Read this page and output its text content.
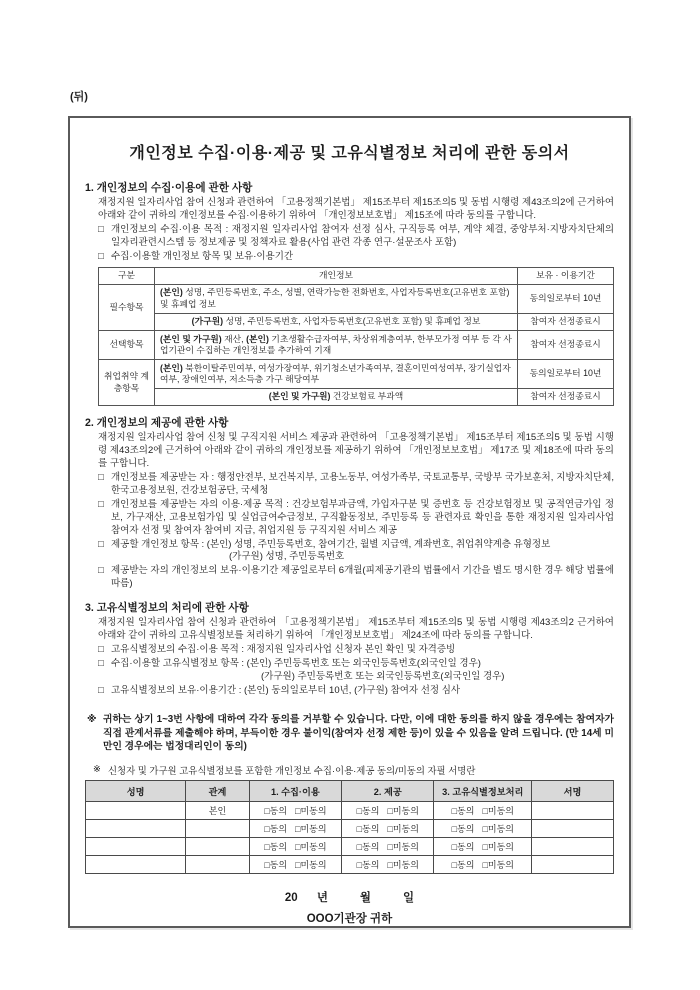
(뒤)
개인정보 수집·이용·제공 및 고유식별정보 처리에 관한 동의서
1. 개인정보의 수집·이용에 관한 사항
재정지원 일자리사업 참여 신청과 관련하여 「고용정책기본법」 제15조부터 제15조의5 및 동법 시행령 제43조의2에 근거하여 아래와 같이 귀하의 개인정보를 수집·이용하기 위하여 「개인정보보호법」 제15조에 따라 동의를 구합니다.
□ 개인정보의 수집·이용 목적 : 재정지원 일자리사업 참여자 선정 심사, 구직등록 여부, 계약 체결, 중앙부처·지방자치단체의 일자리관련시스템 등 정보제공 및 정책자료 활용(사업 관련 각종 연구·설문조사 포함)
□ 수집·이용할 개인정보 항목 및 보유·이용기간
구분	개인정보	보유 · 이용기간
필수항목	(본인) 성명, 주민등록번호, 주소, 성별, 연락가능한 전화번호, 사업자등록번호(고유번호 포함) 및 휴폐업 정보	동의일로부터 10년
	(가구원) 성명, 주민등록번호, 사업자등록번호(고유번호 포함) 및 휴폐업 정보	참여자 선정종료시
선택항목	(본인 및 가구원) 재산, (본인) 기초생활수급자여부, 차상위계층여부, 한부모가정 여부 등 각 사업기관이 수집하는 개인정보를 추가하여 기재	참여자 선정종료시
취업취약 계층항목	(본인) 북한이탈주민여부, 여성가장여부, 위기청소년가족여부, 결혼이민여성여부, 장기실업자여부, 장애인여부, 저소득층 가구 해당여부	동의일로부터 10년
	(본인 및 가구원) 건강보험료 부과액	참여자 선정종료시
2. 개인정보의 제공에 관한 사항
재정지원 일자리사업 참여 신청 및 구직지원 서비스 제공과 관련하여 「고용정책기본법」 제15조부터 제15조의5 및 동법 시행령 제43조의2에 근거하여 아래와 같이 귀하의 개인정보를 제공하기 위하여 「개인정보보호법」 제17조 및 제18조에 따라 동의를 구합니다.
□ 개인정보를 제공받는 자 : 행정안전부, 보건복지부, 고용노동부, 여성가족부, 국토교통부, 국방부 국가보훈처, 지방자치단체, 한국고용정보원, 건강보험공단, 국세청
□ 개인정보를 제공받는 자의 이용·제공 목적 : 건강보험부과금액, 가입자구분 및 증번호 등 건강보험정보 및 공적연금가입 정보, 가구재산, 고용보험가입 및 실업급여수급정보, 구직활동정보, 주민등록 등 관련자료 확인을 통한 재정지원 일자리사업 참여자 선정 및 참여자 참여비 지급, 취업지원 등 구직지원 서비스 제공
□ 제공할 개인정보 항목 : (본인) 성명, 주민등록번호, 참여기간, 월별 지급액, 계좌번호, 취업취약계층 유형정보
(가구원) 성명, 주민등록번호
□ 제공받는 자의 개인정보의 보유·이용기간 제공일로부터 6개월(피제공기관의 법률에서 기간을 별도 명시한 경우 해당 법률에 따름)
3. 고유식별정보의 처리에 관한 사항
재정지원 일자리사업 참여 신청과 관련하여 「고용정책기본법」 제15조부터 제15조의5 및 동법 시행령 제43조의2 근거하여 아래와 같이 귀하의 고유식별정보를 처리하기 위하여 「개인정보보호법」 제24조에 따라 동의를 구합니다.
□ 고유식별정보의 수집·이용 목적 : 재정지원 일자리사업 신청자 본인 확인 및 자격증빙
□ 수집·이용할 고유식별정보 항목 : (본인) 주민등록번호 또는 외국인등록번호(외국인일 경우)
(가구원) 주민등록번호 또는 외국인등록번호(외국인일 경우)
□ 고유식별정보의 보유·이용기간 : (본인) 동의일로부터 10년, (가구원) 참여자 선정 심사
※ 귀하는 상기 1~3번 사항에 대하여 각각 동의를 거부할 수 있습니다. 다만, 이에 대한 동의를 하지 않을 경우에는 참여자가 직접 관계서류를 제출해야 하며, 부득이한 경우 불이익(참여자 선정 제한 등)이 있을 수 있음을 알려 드립니다. (만 14세 미만인 경우에는 법정대리인이 동의)
※ 신청자 및 가구원 고유식별정보를 포함한 개인정보 수집·이용·제공 동의/미동의 자필 서명란
성명	관계	1. 수집·이용	2. 제공	3. 고유식별정보처리	서명
	본인	□동의 □미동의	□동의 □미동의	□동의 □미동의	
		□동의 □미동의	□동의 □미동의	□동의 □미동의	
		□동의 □미동의	□동의 □미동의	□동의 □미동의	
		□동의 □미동의	□동의 □미동의	□동의 □미동의	
20      년          월          일
OOO기관장 귀하
